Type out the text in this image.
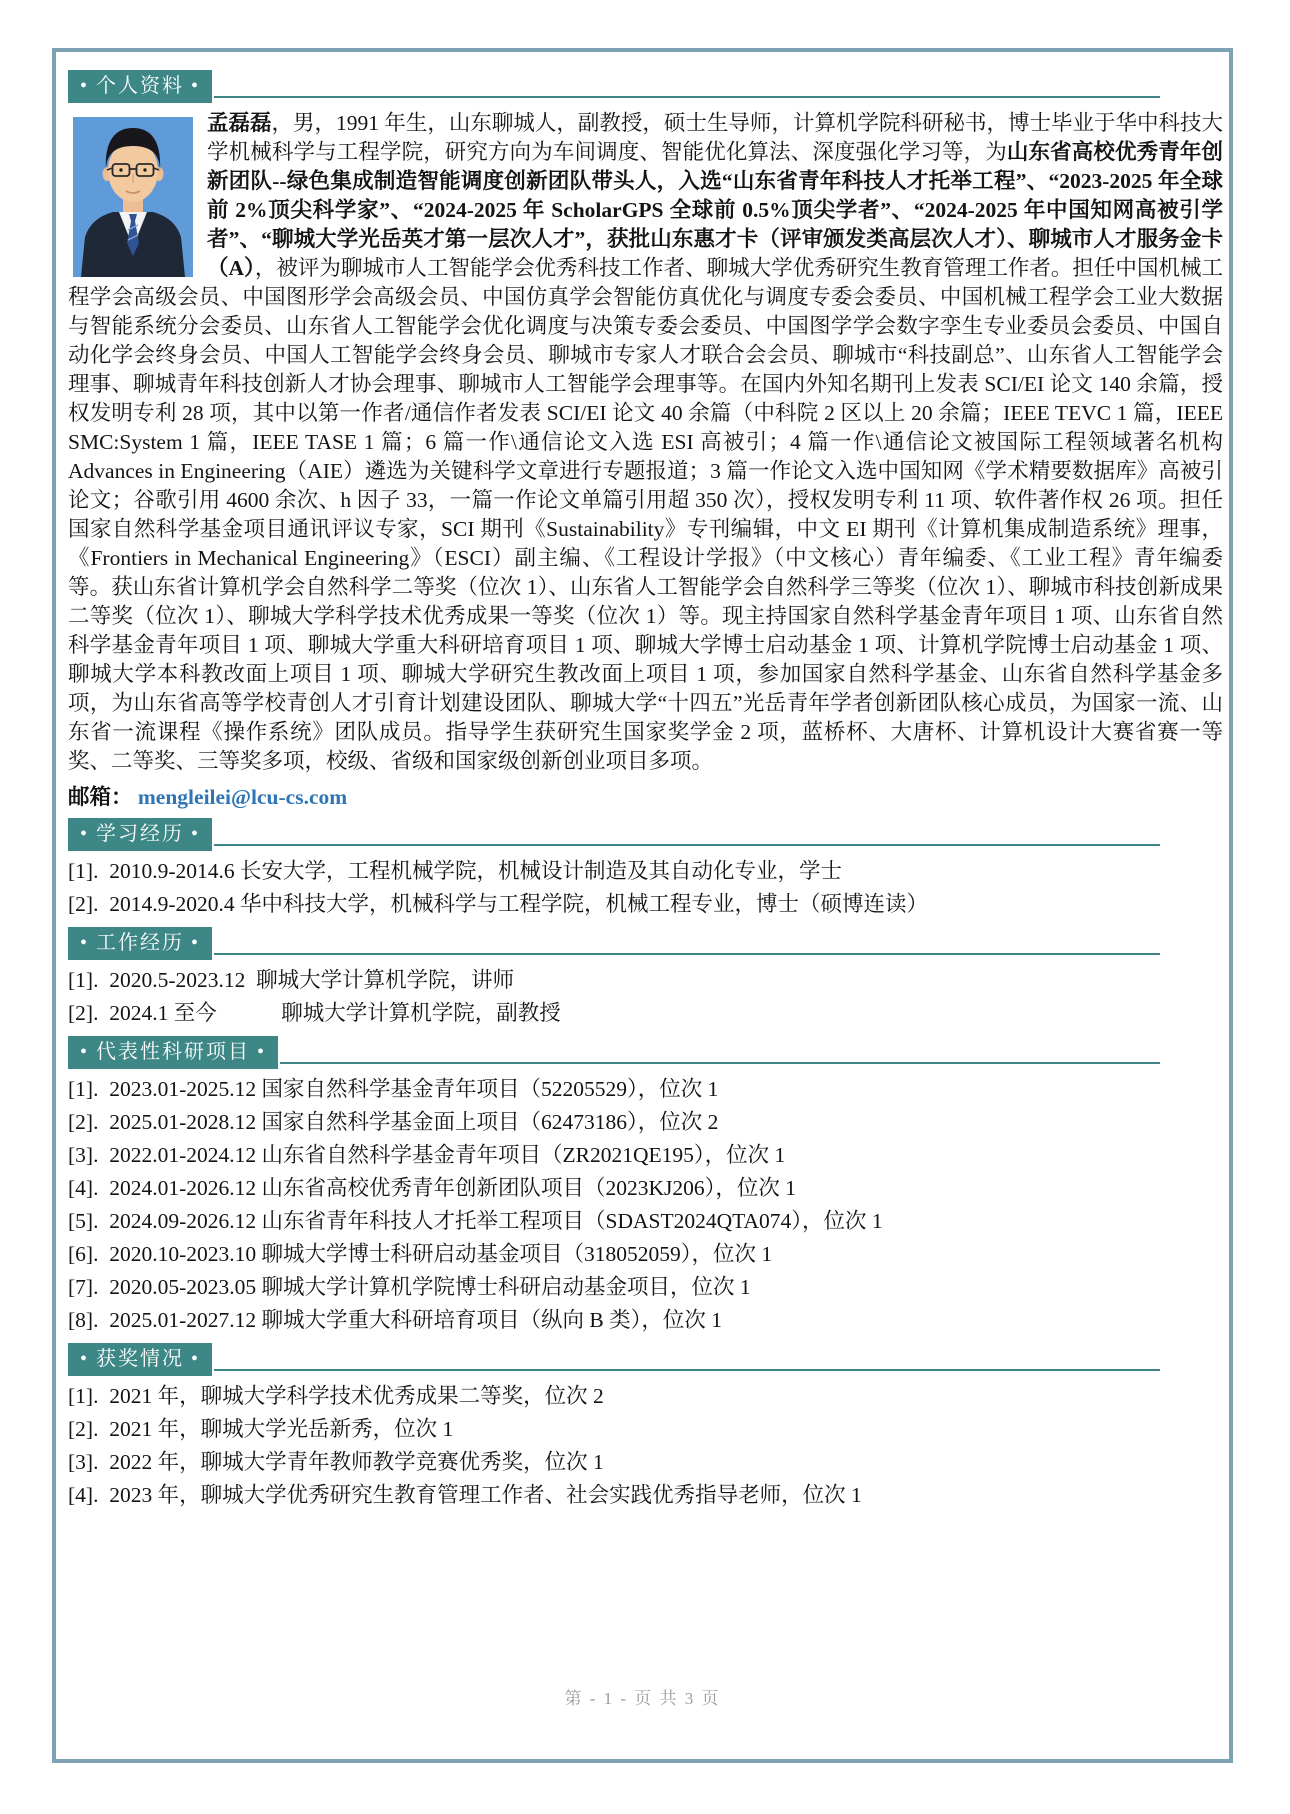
• 个人资料 •
孟磊磊，男，1991 年生，山东聊城人，副教授，硕士生导师，计算机学院科研秘书，博士毕业于华中科技大学机械科学与工程学院，研究方向为车间调度、智能优化算法、深度强化学习等，为山东省高校优秀青年创新团队--绿色集成制造智能调度创新团队带头人，入选“山东省青年科技人才托举工程”、“2023-2025 年全球前 2%顶尖科学家”、“2024-2025 年 ScholarGPS 全球前 0.5%顶尖学者”、“2024-2025 年中国知网高被引学者”、“聊城大学光岳英才第一层次人才”，获批山东惠才卡（评审颁发类高层次人才）、聊城市人才服务金卡（A），被评为聊城市人工智能学会优秀科技工作者、聊城大学优秀研究生教育管理工作者。担任中国机械工程学会高级会员、中国图形学会高级会员、中国仿真学会智能仿真优化与调度专委会委员、中国机械工程学会工业大数据与智能系统分会委员、山东省人工智能学会优化调度与决策专委会委员、中国图学学会数字孪生专业委员会委员、中国自动化学会终身会员、中国人工智能学会终身会员、聊城市专家人才联合会会员、聊城市“科技副总”、山东省人工智能学会理事、聊城青年科技创新人才协会理事、聊城市人工智能学会理事等。在国内外知名期刊上发表 SCI/EI 论文 140 余篇，授权发明专利 28 项，其中以第一作者/通信作者发表 SCI/EI 论文 40 余篇（中科院 2 区以上 20 余篇；IEEE TEVC 1 篇，IEEE SMC:System 1 篇，IEEE TASE 1 篇；6 篇一作\通信论文入选 ESI 高被引；4 篇一作\通信论文被国际工程领域著名机构 Advances in Engineering（AIE）遴选为关键科学文章进行专题报道；3 篇一作论文入选中国知网《学术精要数据库》高被引论文；谷歌引用 4600 余次、h 因子 33，一篇一作论文单篇引用超 350 次），授权发明专利 11 项、软件著作权 26 项。担任国家自然科学基金项目通讯评议专家，SCI 期刊《Sustainability》专刊编辑，中文 EI 期刊《计算机集成制造系统》理事，《Frontiers in Mechanical Engineering》（ESCI）副主编、《工程设计学报》（中文核心）青年编委、《工业工程》青年编委等。获山东省计算机学会自然科学二等奖（位次 1）、山东省人工智能学会自然科学三等奖（位次 1）、聊城市科技创新成果二等奖（位次 1）、聊城大学科学技术优秀成果一等奖（位次 1）等。现主持国家自然科学基金青年项目 1 项、山东省自然科学基金青年项目 1 项、聊城大学重大科研培育项目 1 项、聊城大学博士启动基金 1 项、计算机学院博士启动基金 1 项、聊城大学本科教改面上项目 1 项、聊城大学研究生教改面上项目 1 项，参加国家自然科学基金、山东省自然科学基金多项，为山东省高等学校青创人才引育计划建设团队、聊城大学“十四五”光岳青年学者创新团队核心成员，为国家一流、山东省一流课程《操作系统》团队成员。指导学生获研究生国家奖学金 2 项，蓝桥杯、大唐杯、计算机设计大赛省赛一等奖、二等奖、三等奖多项，校级、省级和国家级创新创业项目多项。
邮箱： mengleilei@lcu-cs.com
• 学习经历 •
[1].  2010.9-2014.6 长安大学，工程机械学院，机械设计制造及其自动化专业，学士
[2].  2014.9-2020.4 华中科技大学，机械科学与工程学院，机械工程专业，博士（硕博连读）
• 工作经历 •
[1].  2020.5-2023.12  聊城大学计算机学院，讲师
[2].  2024.1 至今            聊城大学计算机学院，副教授
• 代表性科研项目 •
[1].  2023.01-2025.12 国家自然科学基金青年项目（52205529），位次 1
[2].  2025.01-2028.12 国家自然科学基金面上项目（62473186），位次 2
[3].  2022.01-2024.12 山东省自然科学基金青年项目（ZR2021QE195），位次 1
[4].  2024.01-2026.12 山东省高校优秀青年创新团队项目（2023KJ206），位次 1
[5].  2024.09-2026.12 山东省青年科技人才托举工程项目（SDAST2024QTA074），位次 1
[6].  2020.10-2023.10 聊城大学博士科研启动基金项目（318052059），位次 1
[7].  2020.05-2023.05 聊城大学计算机学院博士科研启动基金项目，位次 1
[8].  2025.01-2027.12 聊城大学重大科研培育项目（纵向 B 类），位次 1
• 获奖情况 •
[1].  2021 年，聊城大学科学技术优秀成果二等奖，位次 2
[2].  2021 年，聊城大学光岳新秀，位次 1
[3].  2022 年，聊城大学青年教师教学竞赛优秀奖，位次 1
[4].  2023 年，聊城大学优秀研究生教育管理工作者、社会实践优秀指导老师，位次 1
第 - 1 - 页 共 3 页
